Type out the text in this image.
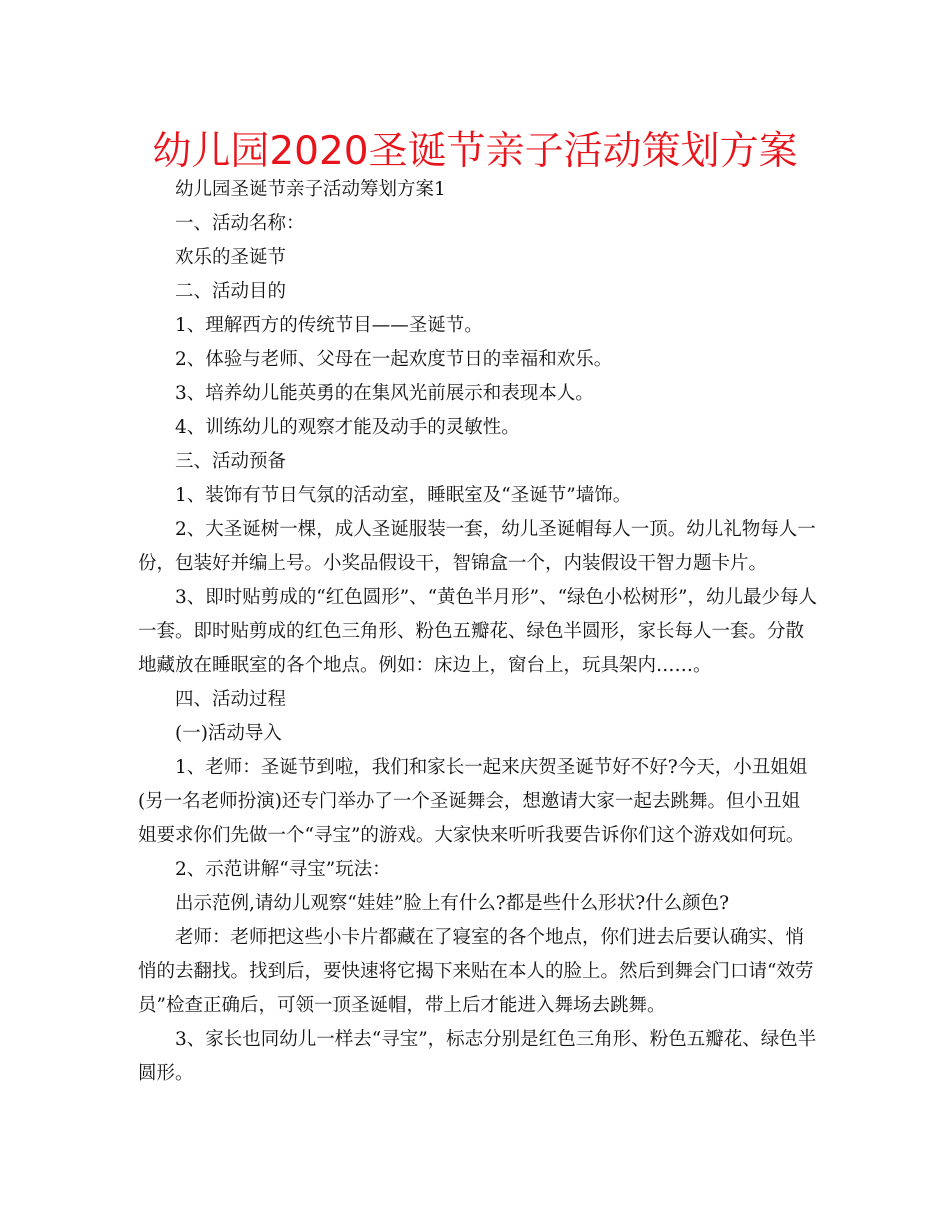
幼儿园2020圣诞节亲子活动策划方案

幼儿园圣诞节亲子活动筹划方案1

一、活动名称：

欢乐的圣诞节

二、活动目的

1、理解西方的传统节目——圣诞节。

2、体验与老师、父母在一起欢度节日的幸福和欢乐。

3、培养幼儿能英勇的在集风光前展示和表现本人。

4、训练幼儿的观察才能及动手的灵敏性。

三、活动预备

1、装饰有节日气氛的活动室，睡眠室及“圣诞节”墙饰。

2、大圣诞树一棵，成人圣诞服装一套，幼儿圣诞帽每人一顶。幼儿礼物每人一份，包装好并编上号。小奖品假设干，智锦盒一个，内装假设干智力题卡片。

3、即时贴剪成的“红色圆形”、“黄色半月形”、“绿色小松树形”，幼儿最少每人一套。即时贴剪成的红色三角形、粉色五瓣花、绿色半圆形，家长每人一套。分散地藏放在睡眠室的各个地点。例如：床边上，窗台上，玩具架内……。

四、活动过程

(一)活动导入

1、老师：圣诞节到啦，我们和家长一起来庆贺圣诞节好不好?今天，小丑姐姐(另一名老师扮演)还专门举办了一个圣诞舞会，想邀请大家一起去跳舞。但小丑姐姐要求你们先做一个“寻宝”的游戏。大家快来听听我要告诉你们这个游戏如何玩。

2、示范讲解“寻宝”玩法：

出示范例,请幼儿观察“娃娃”脸上有什么?都是些什么形状?什么颜色?

老师：老师把这些小卡片都藏在了寝室的各个地点，你们进去后要认确实、悄悄的去翻找。找到后，要快速将它揭下来贴在本人的脸上。然后到舞会门口请“效劳员”检查正确后，可领一顶圣诞帽，带上后才能进入舞场去跳舞。

3、家长也同幼儿一样去“寻宝”，标志分别是红色三角形、粉色五瓣花、绿色半圆形。
